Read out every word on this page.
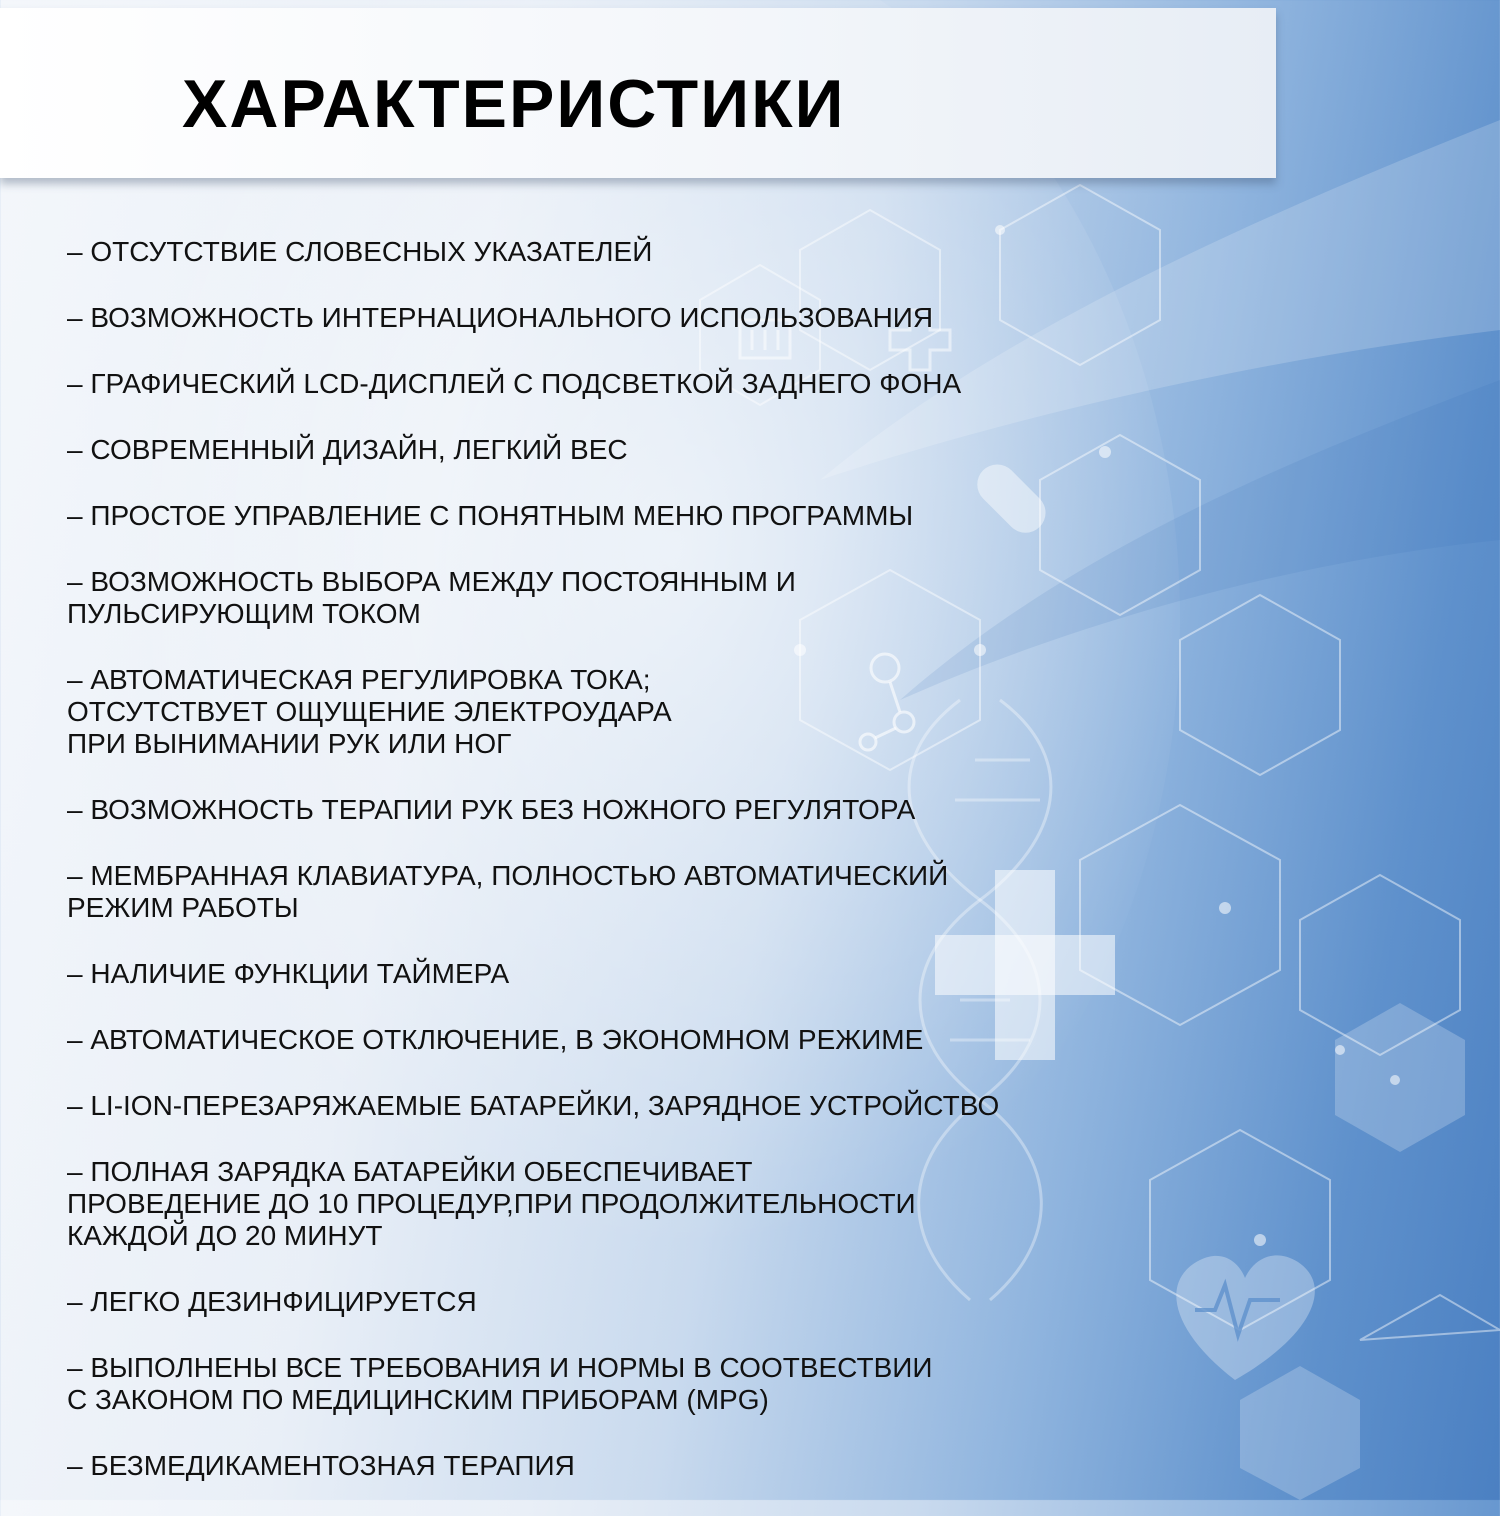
ХАРАКТЕРИСТИКИ
– ОТСУТСТВИЕ СЛОВЕСНЫХ УКАЗАТЕЛЕЙ
– ВОЗМОЖНОСТЬ ИНТЕРНАЦИОНАЛЬНОГО ИСПОЛЬЗОВАНИЯ
– ГРАФИЧЕСКИЙ LCD-ДИСПЛЕЙ С ПОДСВЕТКОЙ ЗАДНЕГО ФОНА
– СОВРЕМЕННЫЙ ДИЗАЙН, ЛЕГКИЙ ВЕС
– ПРОСТОЕ УПРАВЛЕНИЕ С ПОНЯТНЫМ МЕНЮ ПРОГРАММЫ
– ВОЗМОЖНОСТЬ ВЫБОРА МЕЖДУ ПОСТОЯННЫМ И
ПУЛЬСИРУЮЩИМ ТОКОМ
– АВТОМАТИЧЕСКАЯ РЕГУЛИРОВКА ТОКА;
ОТСУТСТВУЕТ ОЩУЩЕНИЕ ЭЛЕКТРОУДАРА
ПРИ ВЫНИМАНИИ РУК ИЛИ НОГ
– ВОЗМОЖНОСТЬ ТЕРАПИИ РУК БЕЗ НОЖНОГО РЕГУЛЯТОРА
– МЕМБРАННАЯ КЛАВИАТУРА, ПОЛНОСТЬЮ АВТОМАТИЧЕСКИЙ
РЕЖИМ РАБОТЫ
– НАЛИЧИЕ ФУНКЦИИ ТАЙМЕРА
– АВТОМАТИЧЕСКОЕ ОТКЛЮЧЕНИЕ, В ЭКОНОМНОМ РЕЖИМЕ
– LI-ION-ПЕРЕЗАРЯЖАЕМЫЕ БАТАРЕЙКИ, ЗАРЯДНОЕ УСТРОЙСТВО
– ПОЛНАЯ ЗАРЯДКА БАТАРЕЙКИ ОБЕСПЕЧИВАЕТ
ПРОВЕДЕНИЕ ДО 10 ПРОЦЕДУР,ПРИ ПРОДОЛЖИТЕЛЬНОСТИ
КАЖДОЙ ДО 20 МИНУТ
– ЛЕГКО ДЕЗИНФИЦИРУЕТСЯ
– ВЫПОЛНЕНЫ ВСЕ ТРЕБОВАНИЯ И НОРМЫ В СООТВЕСТВИИ
С ЗАКОНОМ ПО МЕДИЦИНСКИМ ПРИБОРАМ (MPG)
– БЕЗМЕДИКАМЕНТОЗНАЯ ТЕРАПИЯ
